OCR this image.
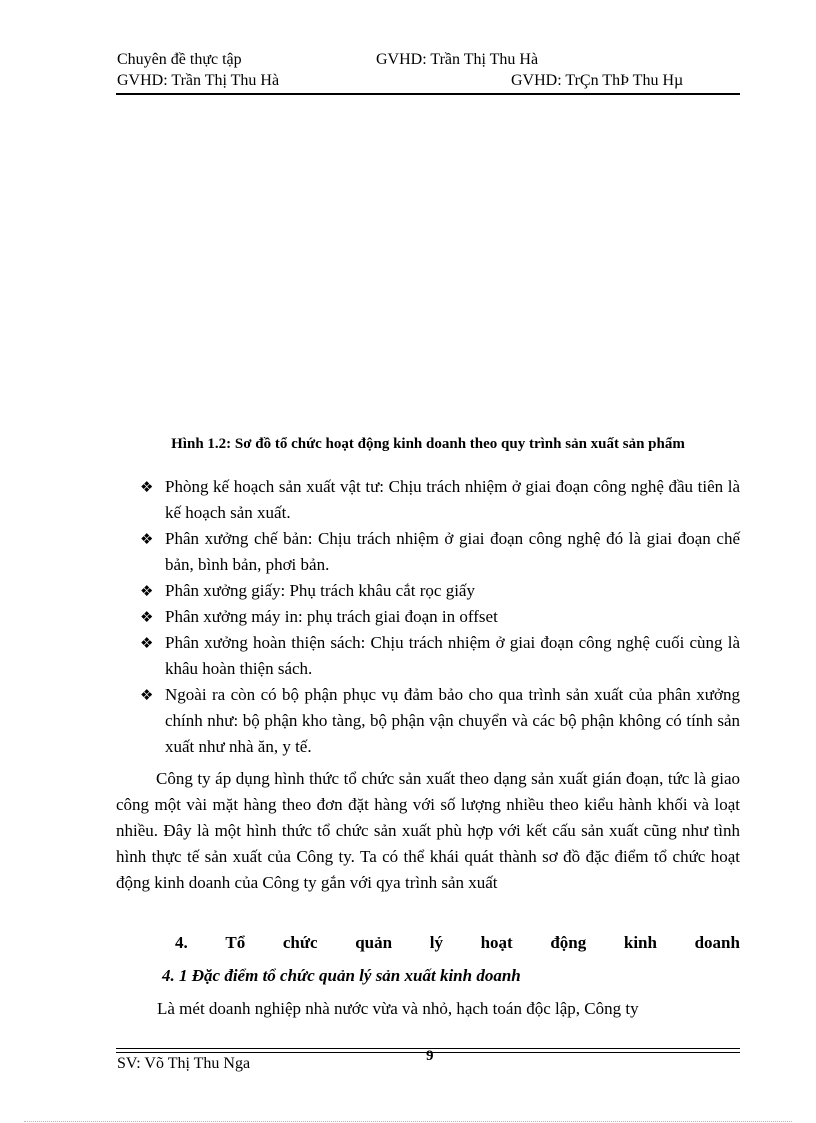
Chuyên đề thực tập	GVHD: Trần Thị Thu Hà
GVHD: Trần Thị Thu Hà	GVHD: TrÇn ThÞ Thu Hµ
Hình 1.2: Sơ đồ tổ chức hoạt động kinh doanh theo quy trình sản xuất sản phẩm
❖ Phòng kế hoạch sản xuất vật tư: Chịu trách nhiệm ở giai đoạn công nghệ đầu tiên là kế hoạch sản xuất.
❖ Phân xưởng chế bản: Chịu trách nhiệm ở giai đoạn công nghệ đó là giai đoạn chế bản, bình bản, phơi bản.
❖ Phân xưởng giấy: Phụ trách khâu cắt rọc giấy
❖ Phân xưởng máy in: phụ trách giai đoạn in offset
❖ Phân xưởng hoàn thiện sách: Chịu trách nhiệm ở giai đoạn công nghệ cuối cùng là khâu hoàn thiện sách.
❖ Ngoài ra còn có bộ phận phục vụ đảm bảo cho qua trình sản xuất của phân xưởng chính như: bộ phận kho tàng, bộ phận vận chuyển và các bộ phận không có tính sản xuất như nhà ăn, y tế.

Công ty áp dụng hình thức tổ chức sản xuất theo dạng sản xuất gián đoạn, tức là giao công một vài mặt hàng theo đơn đặt hàng với số lượng nhiều theo kiểu hành khối và loạt nhiều. Đây là một hình thức tổ chức sản xuất phù hợp với kết cấu sản xuất cũng như tình hình thực tế sản xuất của Công ty. Ta có thể khái quát thành sơ đồ đặc điểm tổ chức hoạt động kinh doanh của Công ty gắn với qya trình sản xuất

4. Tổ chức quản lý hoạt động kinh doanh
4. 1 Đặc điểm tổ chức quản lý sản xuất kinh doanh
Là mét doanh nghiệp nhà nước vừa và nhỏ, hạch toán độc lập, Công ty
9
SV: Võ Thị Thu Nga
